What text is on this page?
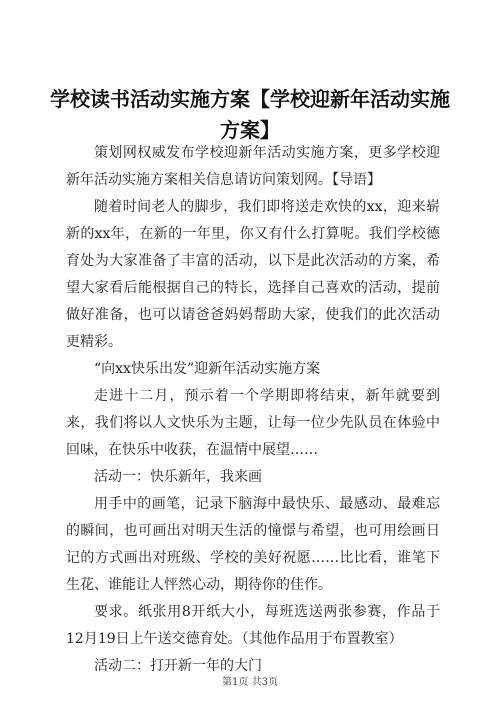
学校读书活动实施方案【学校迎新年活动实施方案】

策划网权威发布学校迎新年活动实施方案，更多学校迎新年活动实施方案相关信息请访问策划网。【导语】

随着时间老人的脚步，我们即将送走欢快的xx，迎来崭新的xx年，在新的一年里，你又有什么打算呢。我们学校德育处为大家准备了丰富的活动，以下是此次活动的方案，希望大家看后能根据自己的特长，选择自己喜欢的活动，提前做好准备，也可以请爸爸妈妈帮助大家，使我们的此次活动更精彩。

“向xx快乐出发”迎新年活动实施方案

走进十二月，预示着一个学期即将结束，新年就要到来，我们将以人文快乐为主题，让每一位少先队员在体验中回味，在快乐中收获，在温情中展望……

活动一：快乐新年，我来画

用手中的画笔，记录下脑海中最快乐、最感动、最难忘的瞬间，也可画出对明天生活的憧憬与希望，也可用绘画日记的方式画出对班级、学校的美好祝愿……比比看，谁笔下生花、谁能让人怦然心动，期待你的佳作。

要求。纸张用8开纸大小，每班选送两张参赛，作品于12月19日上午送交德育处。（其他作品用于布置教室）

活动二：打开新一年的大门

第1页 共3页
